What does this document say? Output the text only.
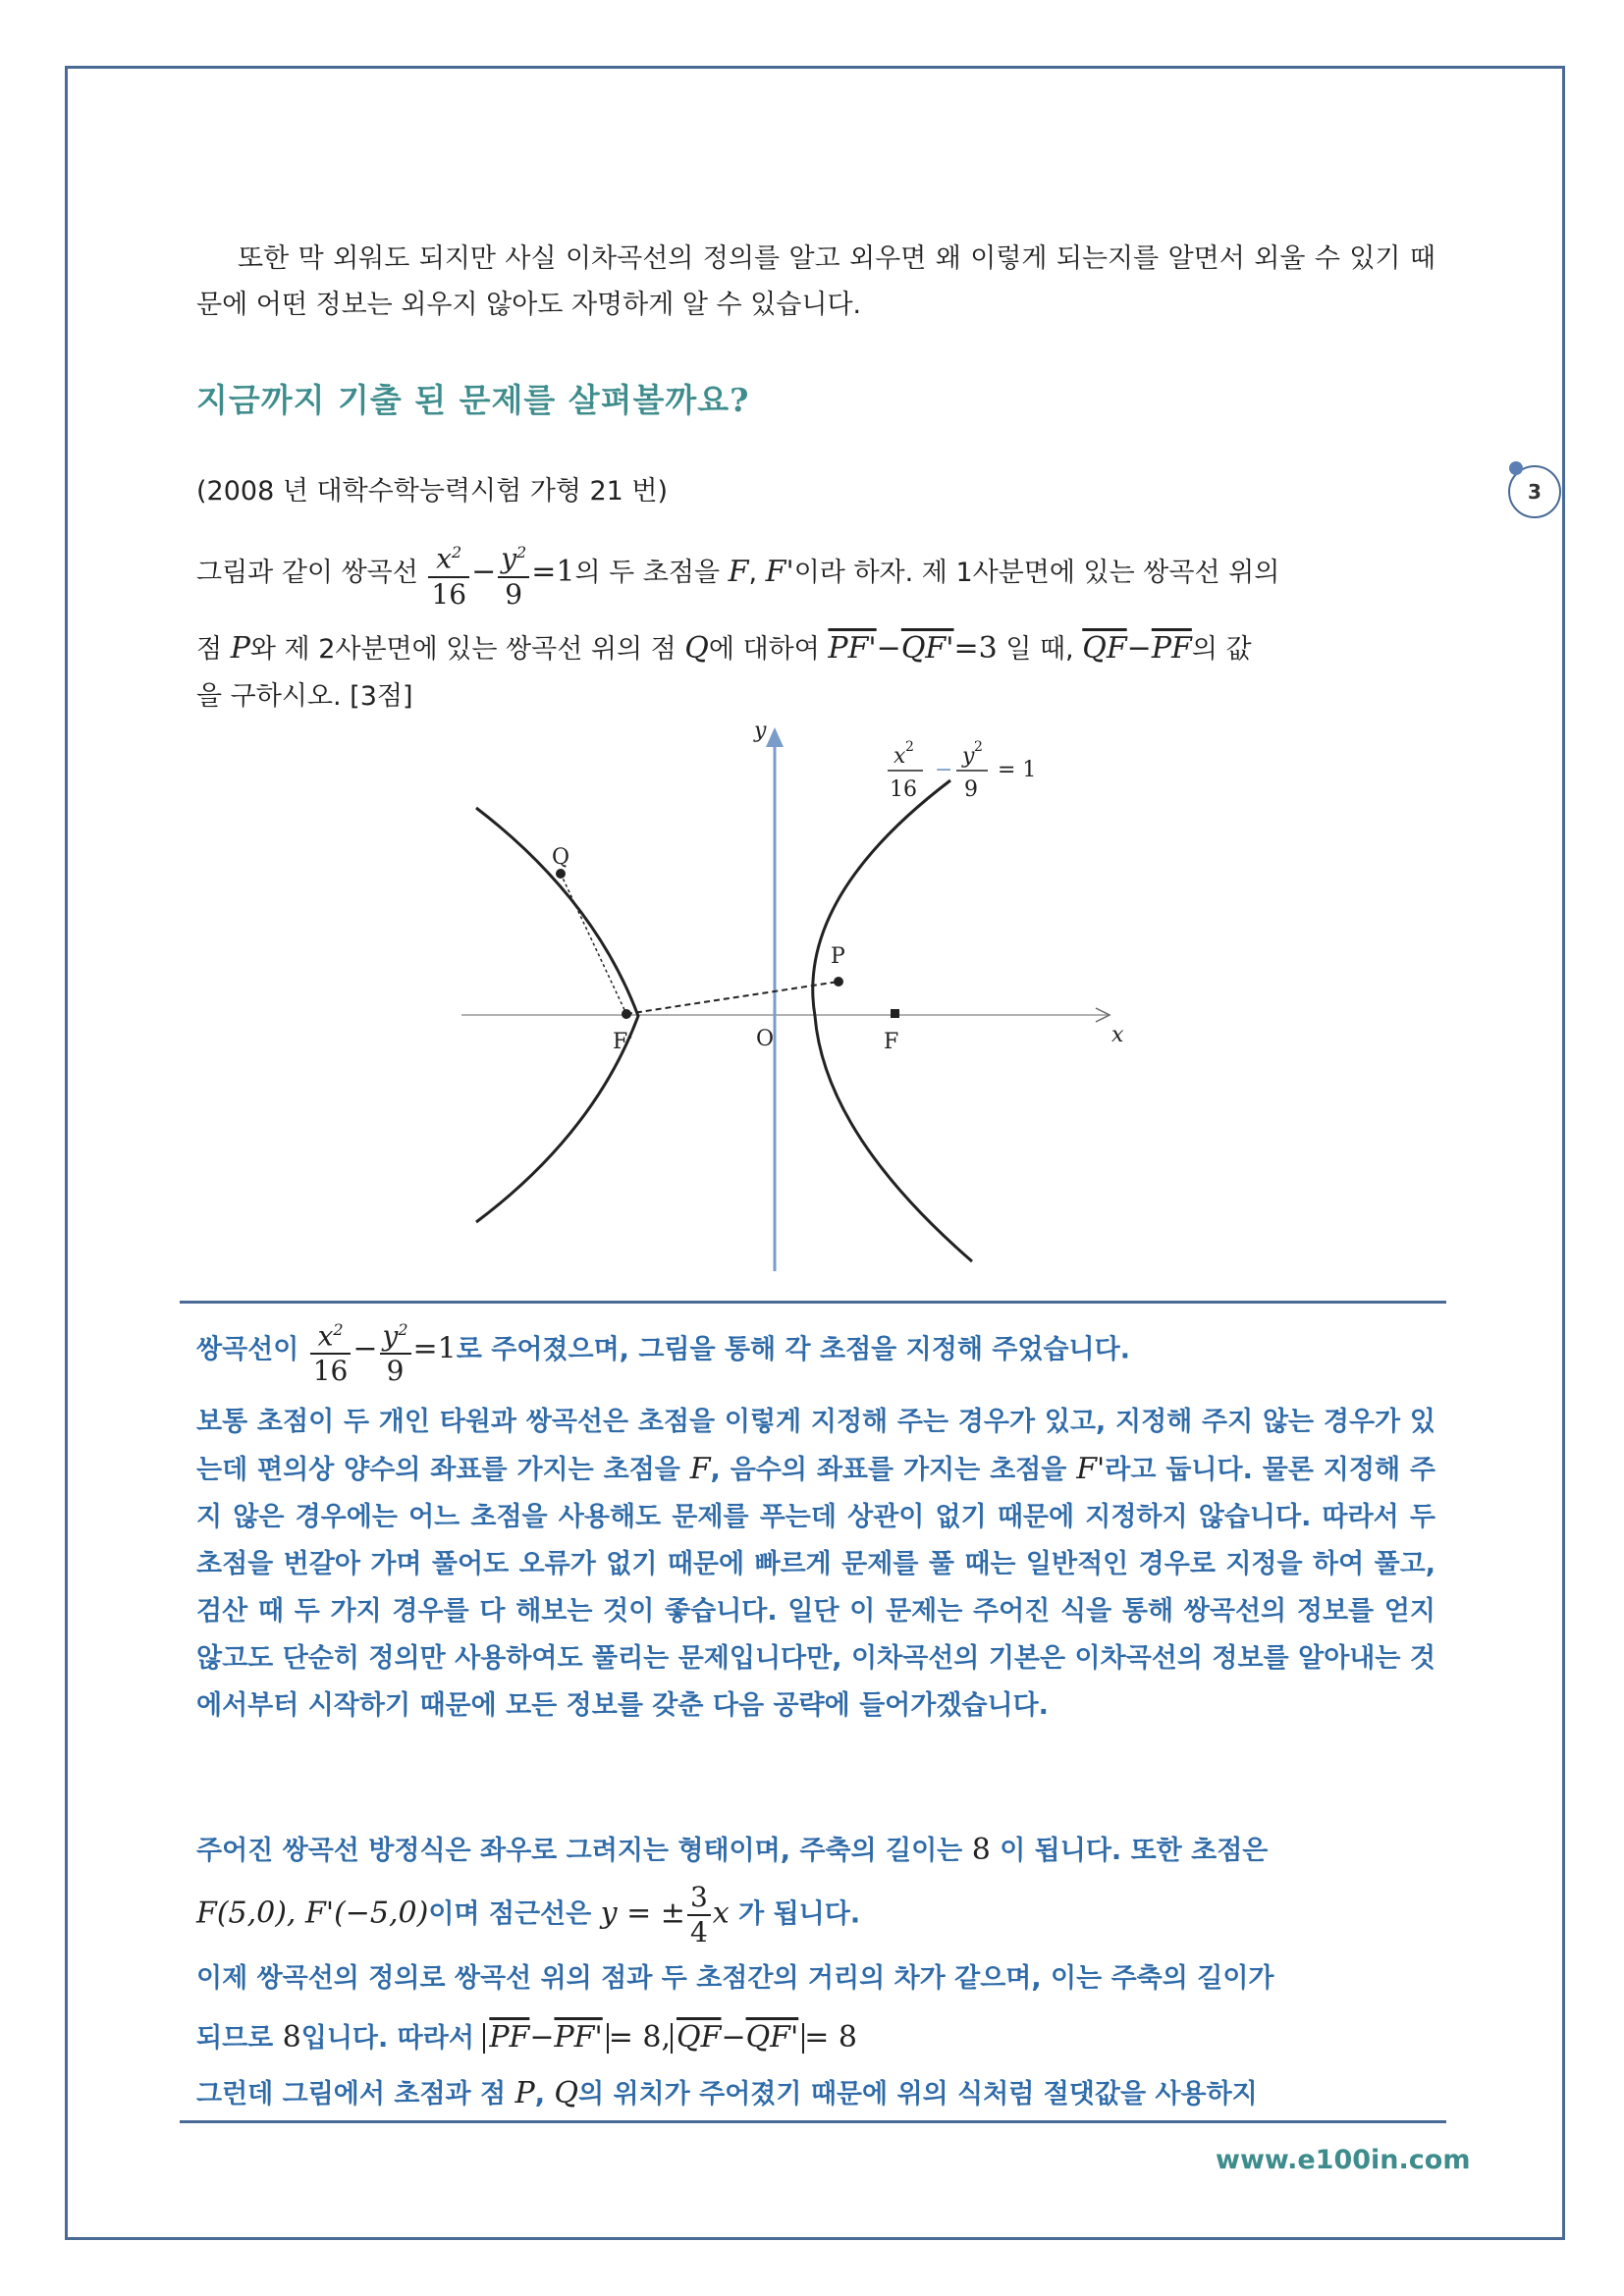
3
또한 막 외워도 되지만 사실 이차곡선의 정의를 알고 외우면 왜 이렇게 되는지를 알면서 외울 수 있기 때문에 어떤 정보는 외우지 않아도 자명하게 알 수 있습니다.
지금까지 기출 된 문제를 살펴볼까요?
(2008 년 대학수학능력시험 가형 21 번)
그림과 같이 쌍곡선 $\frac{x^2}{16} - \frac{y^2}{9} =1$의 두 초점을 F, F'이라 하자. 제 1사분면에 있는 쌍곡선 위의
점 P와 제 2사분면에 있는 쌍곡선 위의 점 Q에 대하여 PF'−QF'=3 일 때, $\overline{QF}-\overline{PF}$의 값
을 구하시오. [3점]
y
x
O
Q
P
F
F'
x 2
16
−
y 2
9
= 1
쌍곡선이 $\frac{x^2}{16} - \frac{y^2}{9} =1$로 주어졌으며, 그림을 통해 각 초점을 지정해 주었습니다.
보통 초점이 두 개인 타원과 쌍곡선은 초점을 이렇게 지정해 주는 경우가 있고, 지정해 주지 않는 경우가 있는데 편의상 양수의 좌표를 가지는 초점을 F, 음수의 좌표를 가지는 초점을 F'라고 둡니다. 물론 지정해 주지 않은 경우에는 어느 초점을 사용해도 문제를 푸는데 상관이 없기 때문에 지정하지 않습니다. 따라서 두 초점을 번갈아 가며 풀어도 오류가 없기 때문에 빠르게 문제를 풀 때는 일반적인 경우로 지정을 하여 풀고, 검산 때 두 가지 경우를 다 해보는 것이 좋습니다. 일단 이 문제는 주어진 식을 통해 쌍곡선의 정보를 얻지 않고도 단순히 정의만 사용하여도 풀리는 문제입니다만, 이차곡선의 기본은 이차곡선의 정보를 알아내는 것에서부터 시작하기 때문에 모든 정보를 갖춘 다음 공략에 들어가겠습니다.
주어진 쌍곡선 방정식은 좌우로 그려지는 형태이며, 주축의 길이는 8 이 됩니다. 또한 초점은
F(5,0), F'(−5,0)이며 점근선은 y = ± $\frac{3}{4}$ x 가 됩니다.
이제 쌍곡선의 정의로 쌍곡선 위의 점과 두 초점간의 거리의 차가 같으며, 이는 주축의 길이가
되므로 8입니다. 따라서 $\overline{PF}-PF' = 8$, $\overline{QF}-QF' = 8$
그런데 그림에서 초점과 점 P, Q의 위치가 주어졌기 때문에 위의 식처럼 절댓값을 사용하지
www.e100in.com
